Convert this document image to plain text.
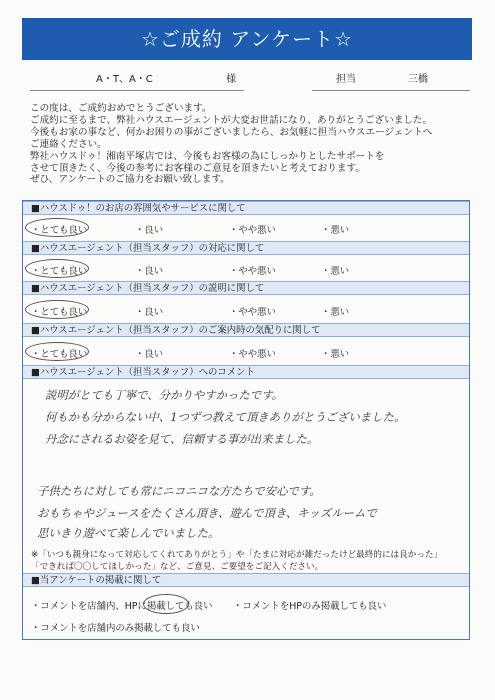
☆ご成約 アンケート☆
A・T、A・C	様	担当	三橋
この度は、ご成約おめでとうございます。
ご成約に至るまで、弊社ハウスエージェントが大変お世話になり、ありがとうございました。
今後もお家の事など、何かお困りの事がございましたら、お気軽に担当ハウスエージェントへ
ご連絡ください。
弊社ハウスドゥ！湘南平塚店では、今後もお客様の為にしっかりとしたサポートを
させて頂きたく、今後の参考にお客様のご意見を頂きたいと考えております。
ぜひ、アンケートのご協力をお願い致します。
■ハウスドゥ！のお店の雰囲気やサービスに関して
・とても良い	・良い	・やや悪い	・悪い
■ハウスエージェント（担当スタッフ）の対応に関して
・とても良い	・良い	・やや悪い	・悪い
■ハウスエージェント（担当スタッフ）の説明に関して
・とても良い	・良い	・やや悪い	・悪い
■ハウスエージェント（担当スタッフ）のご案内時の気配りに関して
・とても良い	・良い	・やや悪い	・悪い
■ハウスエージェント（担当スタッフ）へのコメント
説明がとても丁寧で、分かりやすかったです。
何もかも分からない中、1つずつ教えて頂きありがとうございました。
丹念にされるお姿を見て、信頼する事が出来ました。
子供たちに対しても常にニコニコな方たちで安心です。
おもちゃやジュースをたくさん頂き、遊んで頂き、キッズルームで
思いきり遊べて楽しんでいました。
※「いつも親身になって対応してくれてありがとう」や「たまに対応が雑だったけど最終的には良かった」
「できれば〇〇してほしかった」など、ご意見、ご要望をご記入ください。
■当アンケートの掲載に関して
・コメントを店舗内、HPに掲載しても良い ・コメントをHPのみ掲載しても良い
・コメントを店舗内のみ掲載しても良い
